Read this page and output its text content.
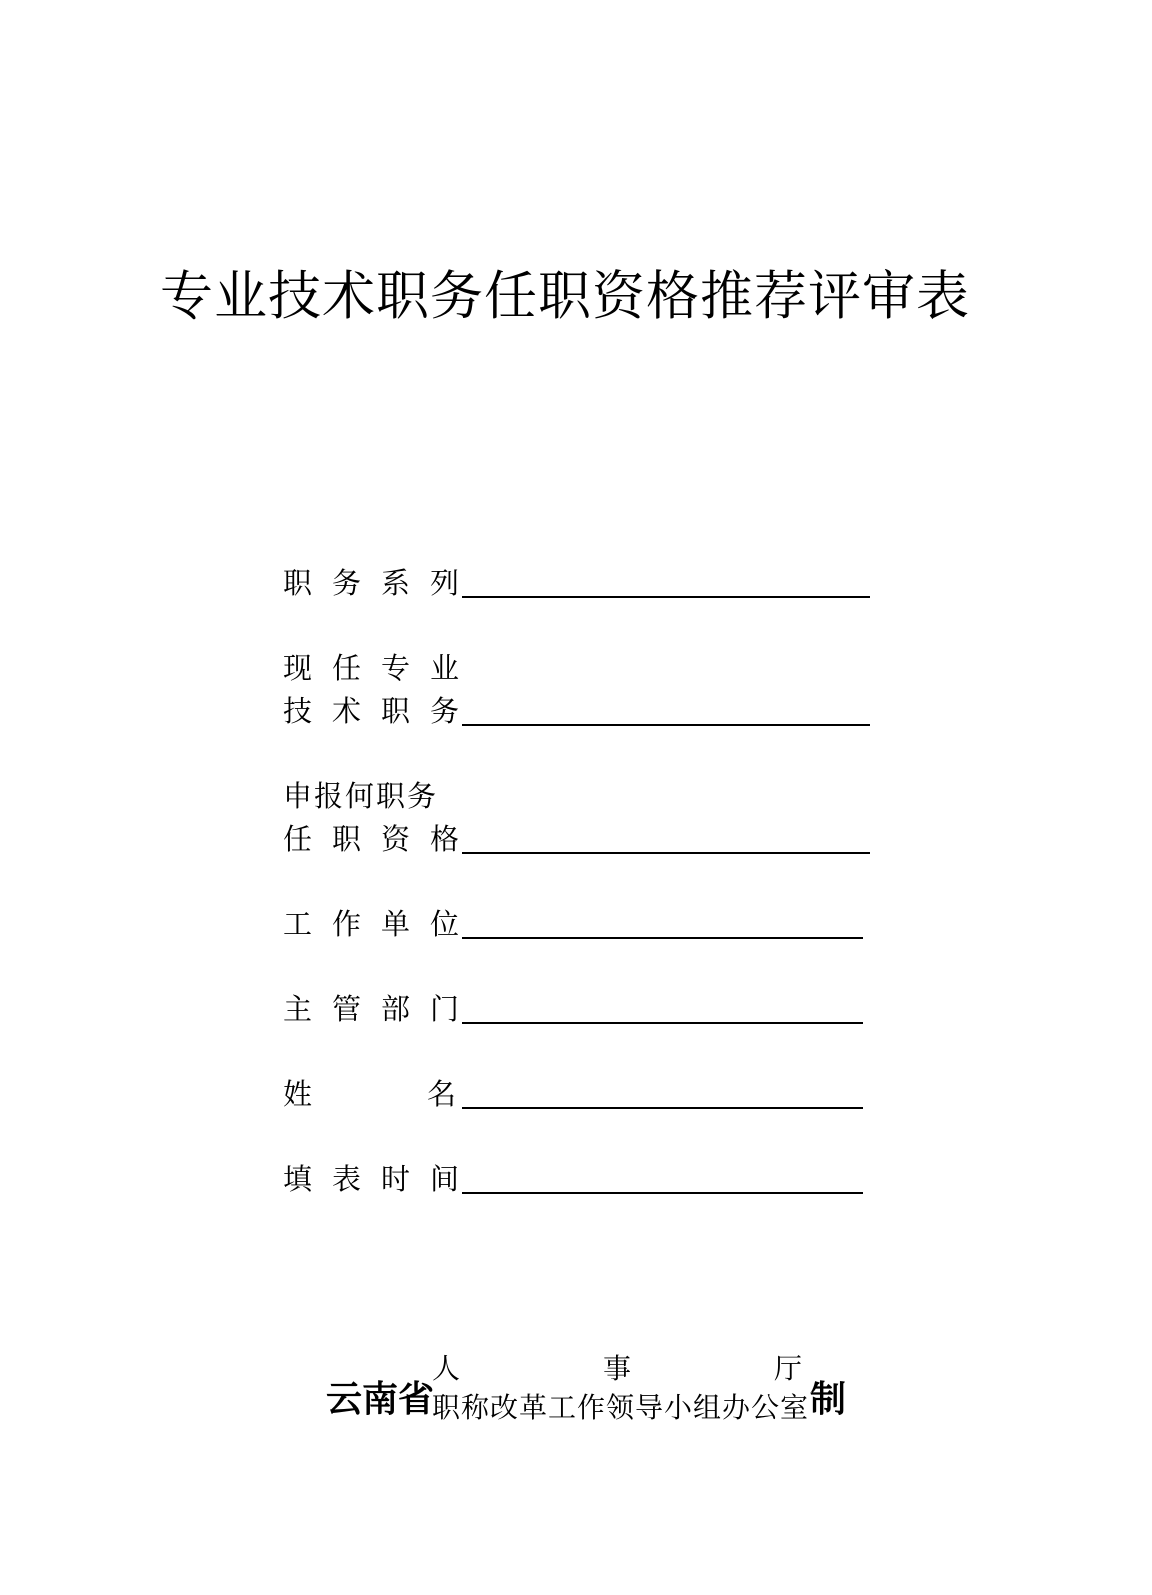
专业技术职务任职资格推荐评审表
职务系列
现任专业
技术职务
申报何职务
任职资格
工作单位
主管部门
姓名
填表时间
云南省
人	事	厅
职称改革工作领导小组办公室 制
